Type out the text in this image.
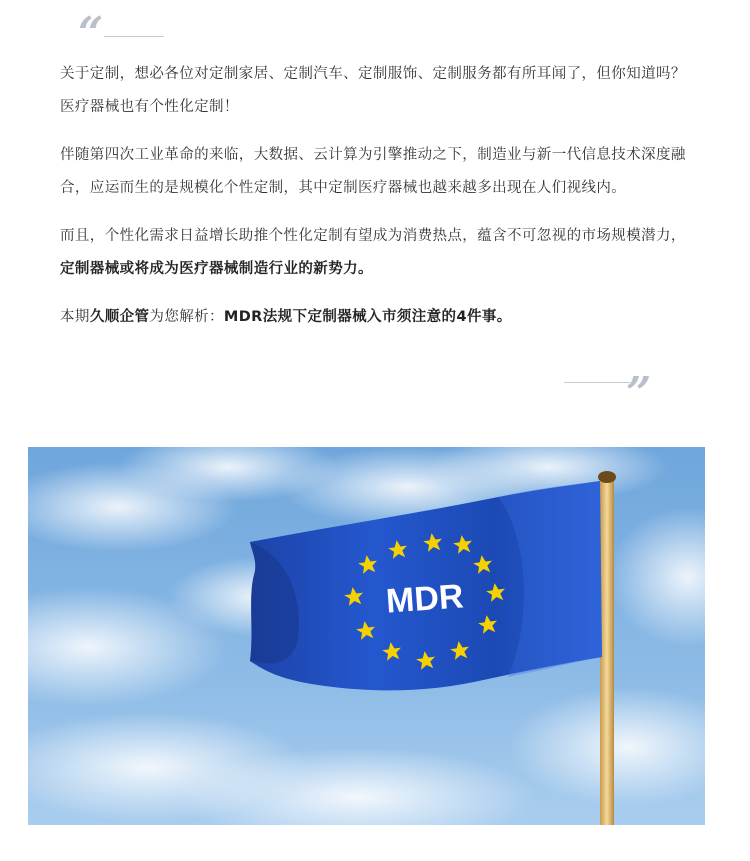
“

关于定制，想必各位对定制家居、定制汽车、定制服饰、定制服务都有所耳闻了，但你知道吗？医疗器械也有个性化定制！

伴随第四次工业革命的来临，大数据、云计算为引擎推动之下，制造业与新一代信息技术深度融合，应运而生的是规模化个性定制，其中定制医疗器械也越来越多出现在人们视线内。

而且，个性化需求日益增长助推个性化定制有望成为消费热点，蕴含不可忽视的市场规模潜力，定制器械或将成为医疗器械制造行业的新势力。

本期久顺企管为您解析：MDR法规下定制器械入市须注意的4件事。

”
MDR
